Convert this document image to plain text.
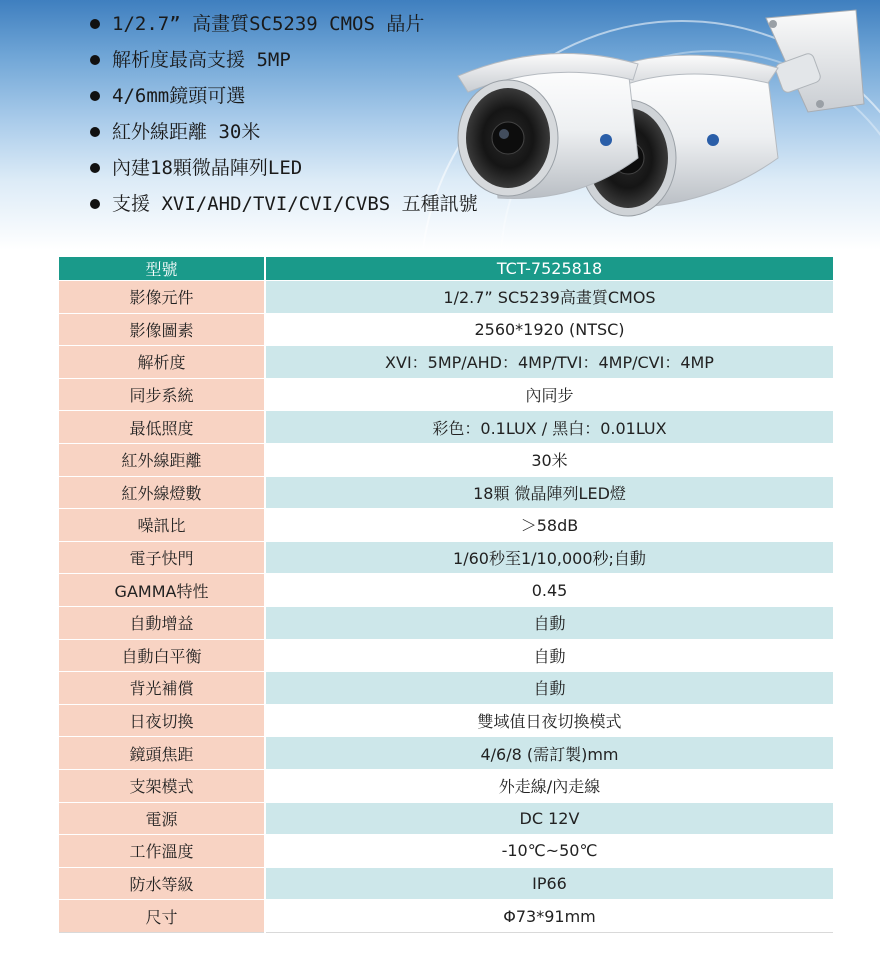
1/2.7” 高畫質SC5239 CMOS 晶片
解析度最高支援 5MP
4/6mm鏡頭可選
紅外線距離 30米
內建18顆微晶陣列LED
支援 XVI/AHD/TVI/CVI/CVBS 五種訊號
型號	TCT-7525818
影像元件	1/2.7” SC5239高畫質CMOS
影像圖素	2560*1920 (NTSC)
解析度	XVI：5MP/AHD：4MP/TVI：4MP/CVI：4MP
同步系統	內同步
最低照度	彩色：0.1LUX / 黑白：0.01LUX
紅外線距離	30米
紅外線燈數	18顆 微晶陣列LED燈
噪訊比	＞58dB
電子快門	1/60秒至1/10,000秒;自動
GAMMA特性	0.45
自動增益	自動
自動白平衡	自動
背光補償	自動
日夜切換	雙域值日夜切換模式
鏡頭焦距	4/6/8 (需訂製)mm
支架模式	外走線/內走線
電源	DC 12V
工作溫度	-10℃~50℃
防水等級	IP66
尺寸	Φ73*91mm
